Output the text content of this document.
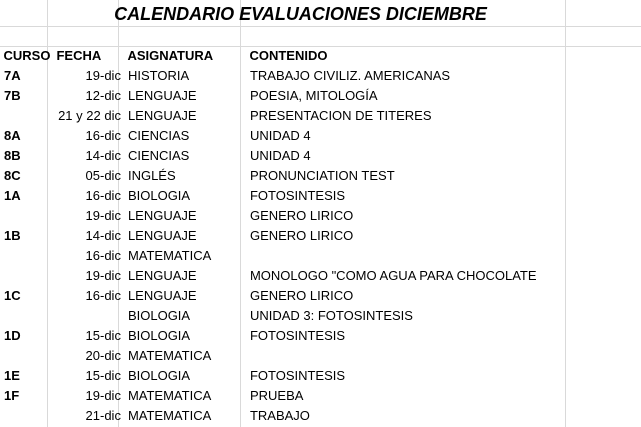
CALENDARIO EVALUACIONES DICIEMBRE
CURSO	FECHA	ASIGNATURA	CONTENIDO
7A	19-dic	HISTORIA	TRABAJO CIVILIZ. AMERICANAS
7B	12-dic	LENGUAJE	POESIA, MITOLOGÍA
	21 y 22 dic	LENGUAJE	PRESENTACION DE TITERES
8A	16-dic	CIENCIAS	UNIDAD 4
8B	14-dic	CIENCIAS	UNIDAD 4
8C	05-dic	INGLÉS	PRONUNCIATION TEST
1A	16-dic	BIOLOGIA	FOTOSINTESIS
	19-dic	LENGUAJE	GENERO LIRICO
1B	14-dic	LENGUAJE	GENERO LIRICO
	16-dic	MATEMATICA	
	19-dic	LENGUAJE	MONOLOGO "COMO AGUA PARA CHOCOLATE
1C	16-dic	LENGUAJE	GENERO LIRICO
		BIOLOGIA	UNIDAD 3: FOTOSINTESIS
1D	15-dic	BIOLOGIA	FOTOSINTESIS
	20-dic	MATEMATICA	
1E	15-dic	BIOLOGIA	FOTOSINTESIS
1F	19-dic	MATEMATICA	PRUEBA
	21-dic	MATEMATICA	TRABAJO
